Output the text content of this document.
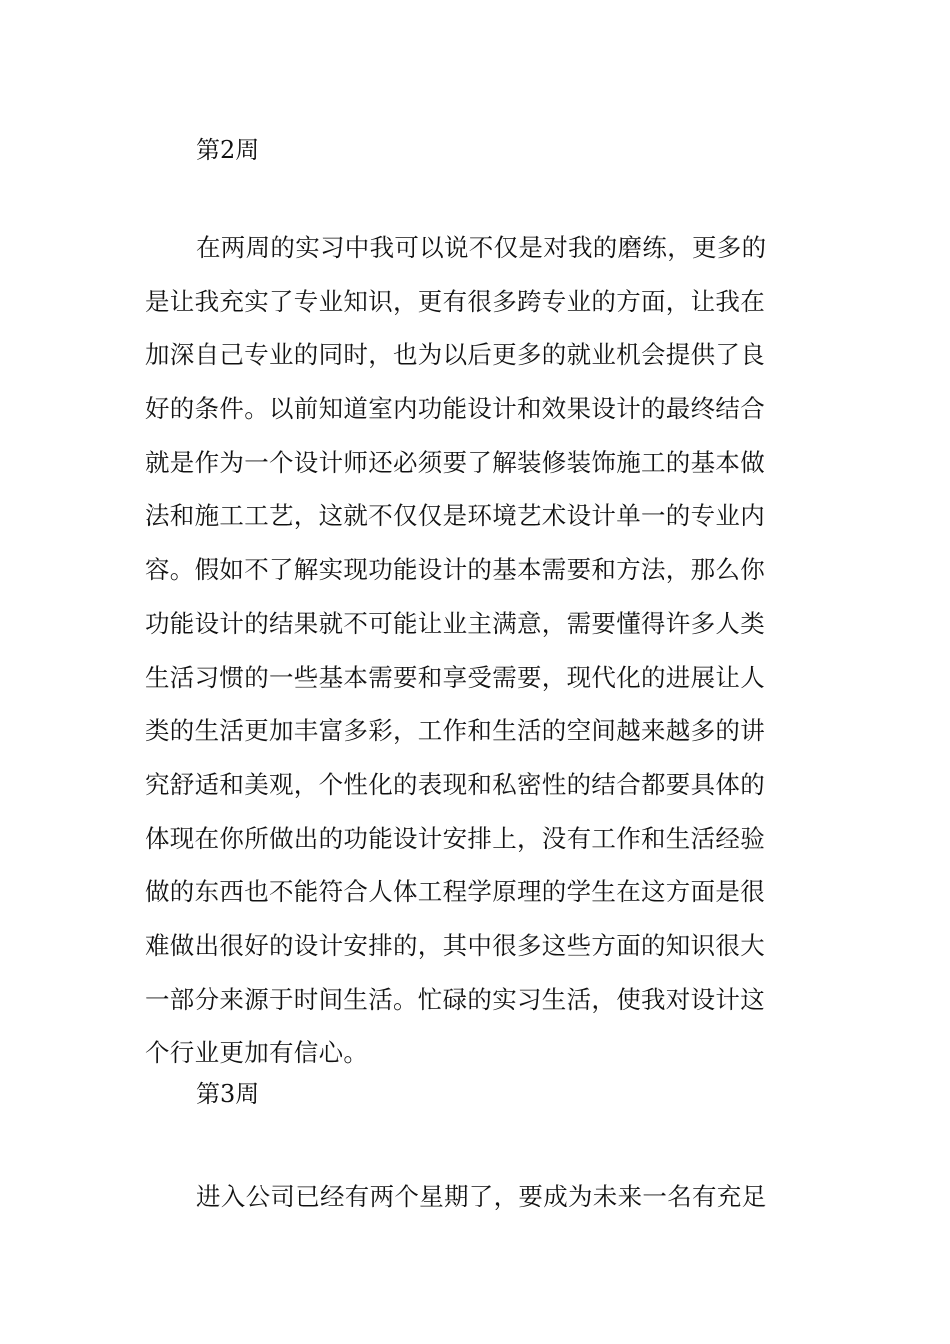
第2周
在两周的实习中我可以说不仅是对我的磨练，更多的
是让我充实了专业知识，更有很多跨专业的方面，让我在
加深自己专业的同时，也为以后更多的就业机会提供了良
好的条件。以前知道室内功能设计和效果设计的最终结合
就是作为一个设计师还必须要了解装修装饰施工的基本做
法和施工工艺，这就不仅仅是环境艺术设计单一的专业内
容。假如不了解实现功能设计的基本需要和方法，那么你
功能设计的结果就不可能让业主满意，需要懂得许多人类
生活习惯的一些基本需要和享受需要，现代化的进展让人
类的生活更加丰富多彩，工作和生活的空间越来越多的讲
究舒适和美观，个性化的表现和私密性的结合都要具体的
体现在你所做出的功能设计安排上，没有工作和生活经验
做的东西也不能符合人体工程学原理的学生在这方面是很
难做出很好的设计安排的，其中很多这些方面的知识很大
一部分来源于时间生活。忙碌的实习生活，使我对设计这
个行业更加有信心。
第3周
进入公司已经有两个星期了，要成为未来一名有充足
